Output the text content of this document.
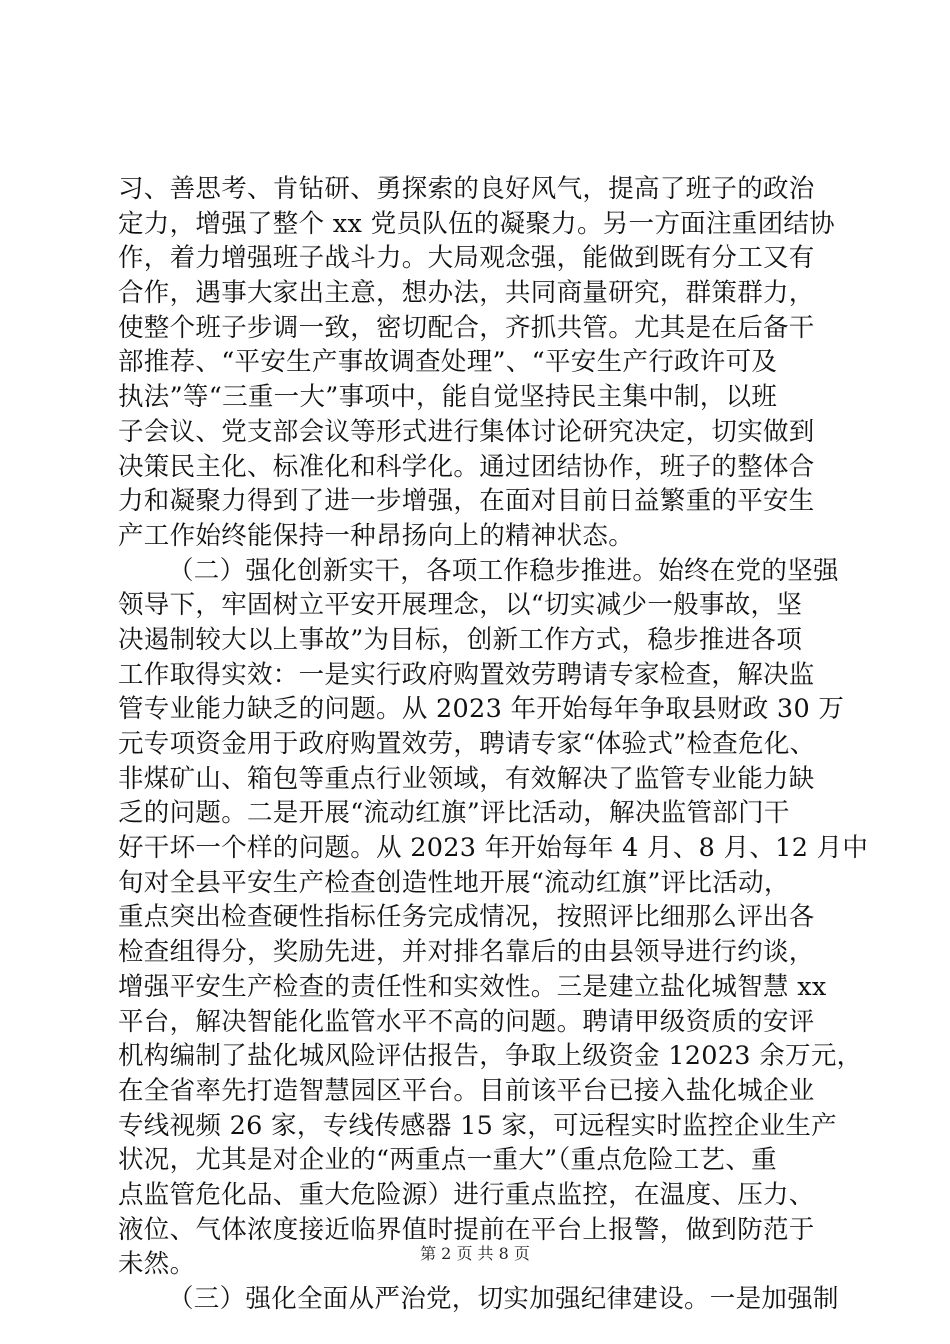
习、善思考、肯钻研、勇探索的良好风气，提高了班子的政治
定力，增强了整个 xx 党员队伍的凝聚力。另一方面注重团结协
作，着力增强班子战斗力。大局观念强，能做到既有分工又有
合作，遇事大家出主意，想办法，共同商量研究，群策群力，
使整个班子步调一致，密切配合，齐抓共管。尤其是在后备干
部推荐、“平安生产事故调查处理”、“平安生产行政许可及
执法”等“三重一大”事项中，能自觉坚持民主集中制，以班
子会议、党支部会议等形式进行集体讨论研究决定，切实做到
决策民主化、标准化和科学化。通过团结协作，班子的整体合
力和凝聚力得到了进一步增强，在面对目前日益繁重的平安生
产工作始终能保持一种昂扬向上的精神状态。
（二）强化创新实干，各项工作稳步推进。始终在党的坚强
领导下，牢固树立平安开展理念，以“切实减少一般事故，坚
决遏制较大以上事故”为目标，创新工作方式，稳步推进各项
工作取得实效：一是实行政府购置效劳聘请专家检查，解决监
管专业能力缺乏的问题。从 2023 年开始每年争取县财政 30 万
元专项资金用于政府购置效劳，聘请专家“体验式”检查危化、
非煤矿山、箱包等重点行业领域，有效解决了监管专业能力缺
乏的问题。二是开展“流动红旗”评比活动，解决监管部门干
好干坏一个样的问题。从 2023 年开始每年 4 月、8 月、12 月中
旬对全县平安生产检查创造性地开展“流动红旗”评比活动，
重点突出检查硬性指标任务完成情况，按照评比细那么评出各
检查组得分，奖励先进，并对排名靠后的由县领导进行约谈，
增强平安生产检查的责任性和实效性。三是建立盐化城智慧 xx
平台，解决智能化监管水平不高的问题。聘请甲级资质的安评
机构编制了盐化城风险评估报告，争取上级资金 12023 余万元，
在全省率先打造智慧园区平台。目前该平台已接入盐化城企业
专线视频 26 家，专线传感器 15 家，可远程实时监控企业生产
状况，尤其是对企业的“两重点一重大”（重点危险工艺、重
点监管危化品、重大危险源）进行重点监控，在温度、压力、
液位、气体浓度接近临界值时提前在平台上报警，做到防范于
未然。
（三）强化全面从严治党，切实加强纪律建设。一是加强制
第 2 页 共 8 页
